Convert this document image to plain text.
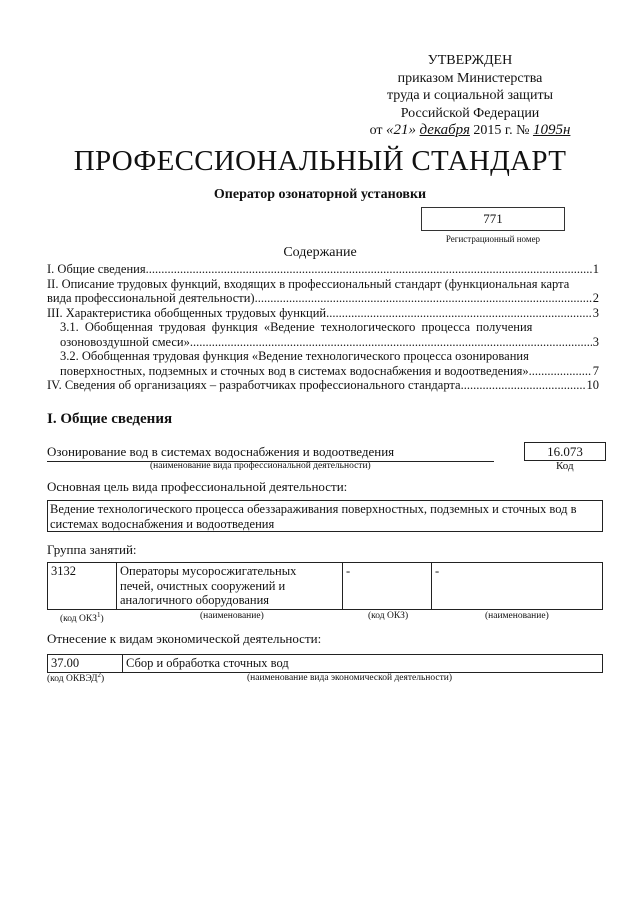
УТВЕРЖДЕН
приказом Министерства
труда и социальной защиты
Российской Федерации
от «21» декабря 2015 г. № 1095н
ПРОФЕССИОНАЛЬНЫЙ СТАНДАРТ
Оператор озонаторной установки
771
Регистрационный номер
Содержание
I. Общие сведения .....	1
II. Описание трудовых функций, входящих в профессиональный стандарт (функциональная карта
вида профессиональной деятельности) .....	2
III. Характеристика обобщенных трудовых функций .....	3
3.1. Обобщенная трудовая функция «Ведение технологического процесса получения
озоновоздушной смеси» .....	3
3.2. Обобщенная трудовая функция «Ведение технологического процесса озонирования
поверхностных, подземных и сточных вод в системах водоснабжения и водоотведения» .....	7
IV. Сведения об организациях – разработчиках профессионального стандарта .....	10
I. Общие сведения
Озонирование вод в системах водоснабжения и водоотведения
(наименование вида профессиональной деятельности)
16.073
Код
Основная цель вида профессиональной деятельности:
Ведение технологического процесса обеззараживания поверхностных, подземных и сточных вод в
системах водоснабжения и водоотведения
Группа занятий:
3132	Операторы мусоросжигательных
печей, очистных сооружений и
аналогичного оборудования
	-	-
(код ОКЗ$^1$)	(наименование)	(код ОКЗ)	(наименование)
Отнесение к видам экономической деятельности:
37.00	Сбор и обработка сточных вод
(код ОКВЭД$^2$)	(наименование вида экономической деятельности)
